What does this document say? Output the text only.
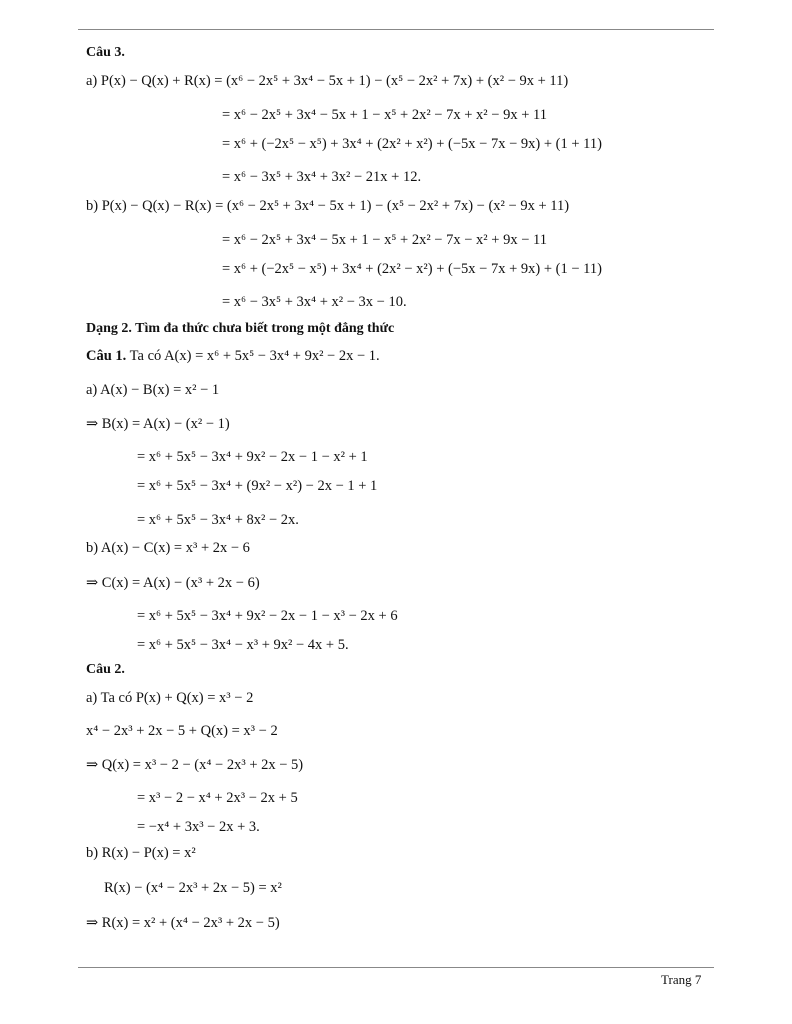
Câu 3.
a) P(x) − Q(x) + R(x) = (x⁶ − 2x⁵ + 3x⁴ − 5x + 1) − (x⁵ − 2x² + 7x) + (x² − 9x + 11)
= x⁶ − 2x⁵ + 3x⁴ − 5x + 1 − x⁵ + 2x² − 7x + x² − 9x + 11
= x⁶ + (−2x⁵ − x⁵) + 3x⁴ + (2x² + x²) + (−5x − 7x − 9x) + (1 + 11)
= x⁶ − 3x⁵ + 3x⁴ + 3x² − 21x + 12.
b) P(x) − Q(x) − R(x) = (x⁶ − 2x⁵ + 3x⁴ − 5x + 1) − (x⁵ − 2x² + 7x) − (x² − 9x + 11)
= x⁶ − 2x⁵ + 3x⁴ − 5x + 1 − x⁵ + 2x² − 7x − x² + 9x − 11
= x⁶ + (−2x⁵ − x⁵) + 3x⁴ + (2x² − x²) + (−5x − 7x + 9x) + (1 − 11)
= x⁶ − 3x⁵ + 3x⁴ + x² − 3x − 10.
Dạng 2. Tìm đa thức chưa biết trong một đẳng thức
Câu 1. Ta có A(x) = x⁶ + 5x⁵ − 3x⁴ + 9x² − 2x − 1.
a) A(x) − B(x) = x² − 1
⇒ B(x) = A(x) − (x² − 1)
= x⁶ + 5x⁵ − 3x⁴ + 9x² − 2x − 1 − x² + 1
= x⁶ + 5x⁵ − 3x⁴ + (9x² − x²) − 2x − 1 + 1
= x⁶ + 5x⁵ − 3x⁴ + 8x² − 2x.
b) A(x) − C(x) = x³ + 2x − 6
⇒ C(x) = A(x) − (x³ + 2x − 6)
= x⁶ + 5x⁵ − 3x⁴ + 9x² − 2x − 1 − x³ − 2x + 6
= x⁶ + 5x⁵ − 3x⁴ − x³ + 9x² − 4x + 5.
Câu 2.
a) Ta có P(x) + Q(x) = x³ − 2
x⁴ − 2x³ + 2x − 5 + Q(x) = x³ − 2
⇒ Q(x) = x³ − 2 − (x⁴ − 2x³ + 2x − 5)
= x³ − 2 − x⁴ + 2x³ − 2x + 5
= −x⁴ + 3x³ − 2x + 3.
b) R(x) − P(x) = x²
R(x) − (x⁴ − 2x³ + 2x − 5) = x²
⇒ R(x) = x² + (x⁴ − 2x³ + 2x − 5)
Trang 7
